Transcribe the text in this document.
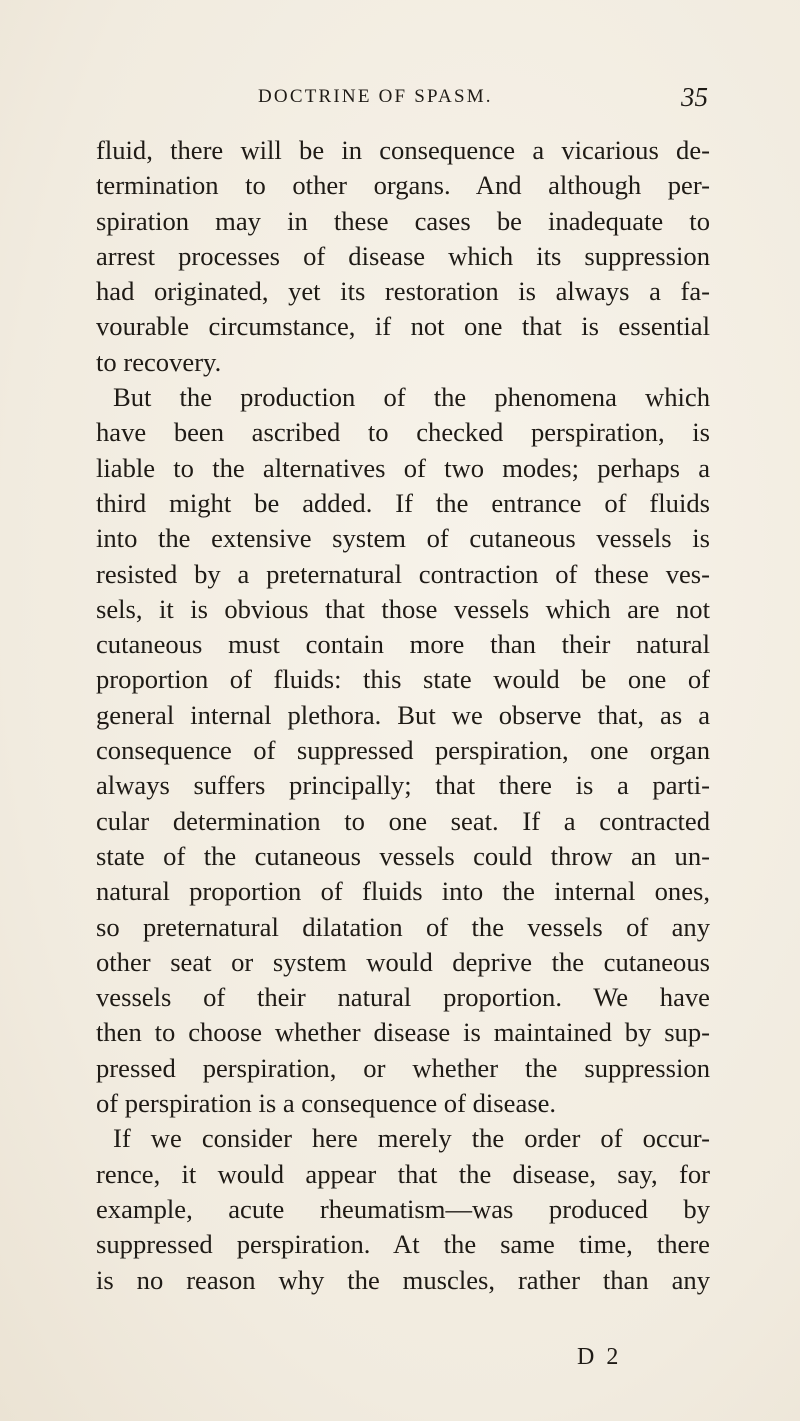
DOCTRINE OF SPASM.	35
fluid, there will be in consequence a vicarious de-
termination to other organs. And although per-
spiration may in these cases be inadequate to
arrest processes of disease which its suppression
had originated, yet its restoration is always a fa-
vourable circumstance, if not one that is essential
to recovery.
But the production of the phenomena which
have been ascribed to checked perspiration, is
liable to the alternatives of two modes; perhaps a
third might be added. If the entrance of fluids
into the extensive system of cutaneous vessels is
resisted by a preternatural contraction of these ves-
sels, it is obvious that those vessels which are not
cutaneous must contain more than their natural
proportion of fluids: this state would be one of
general internal plethora. But we observe that, as a
consequence of suppressed perspiration, one organ
always suffers principally; that there is a parti-
cular determination to one seat. If a contracted
state of the cutaneous vessels could throw an un-
natural proportion of fluids into the internal ones,
so preternatural dilatation of the vessels of any
other seat or system would deprive the cutaneous
vessels of their natural proportion. We have
then to choose whether disease is maintained by sup-
pressed perspiration, or whether the suppression
of perspiration is a consequence of disease.
If we consider here merely the order of occur-
rence, it would appear that the disease, say, for
example, acute rheumatism—was produced by
suppressed perspiration. At the same time, there
is no reason why the muscles, rather than any
D 2
